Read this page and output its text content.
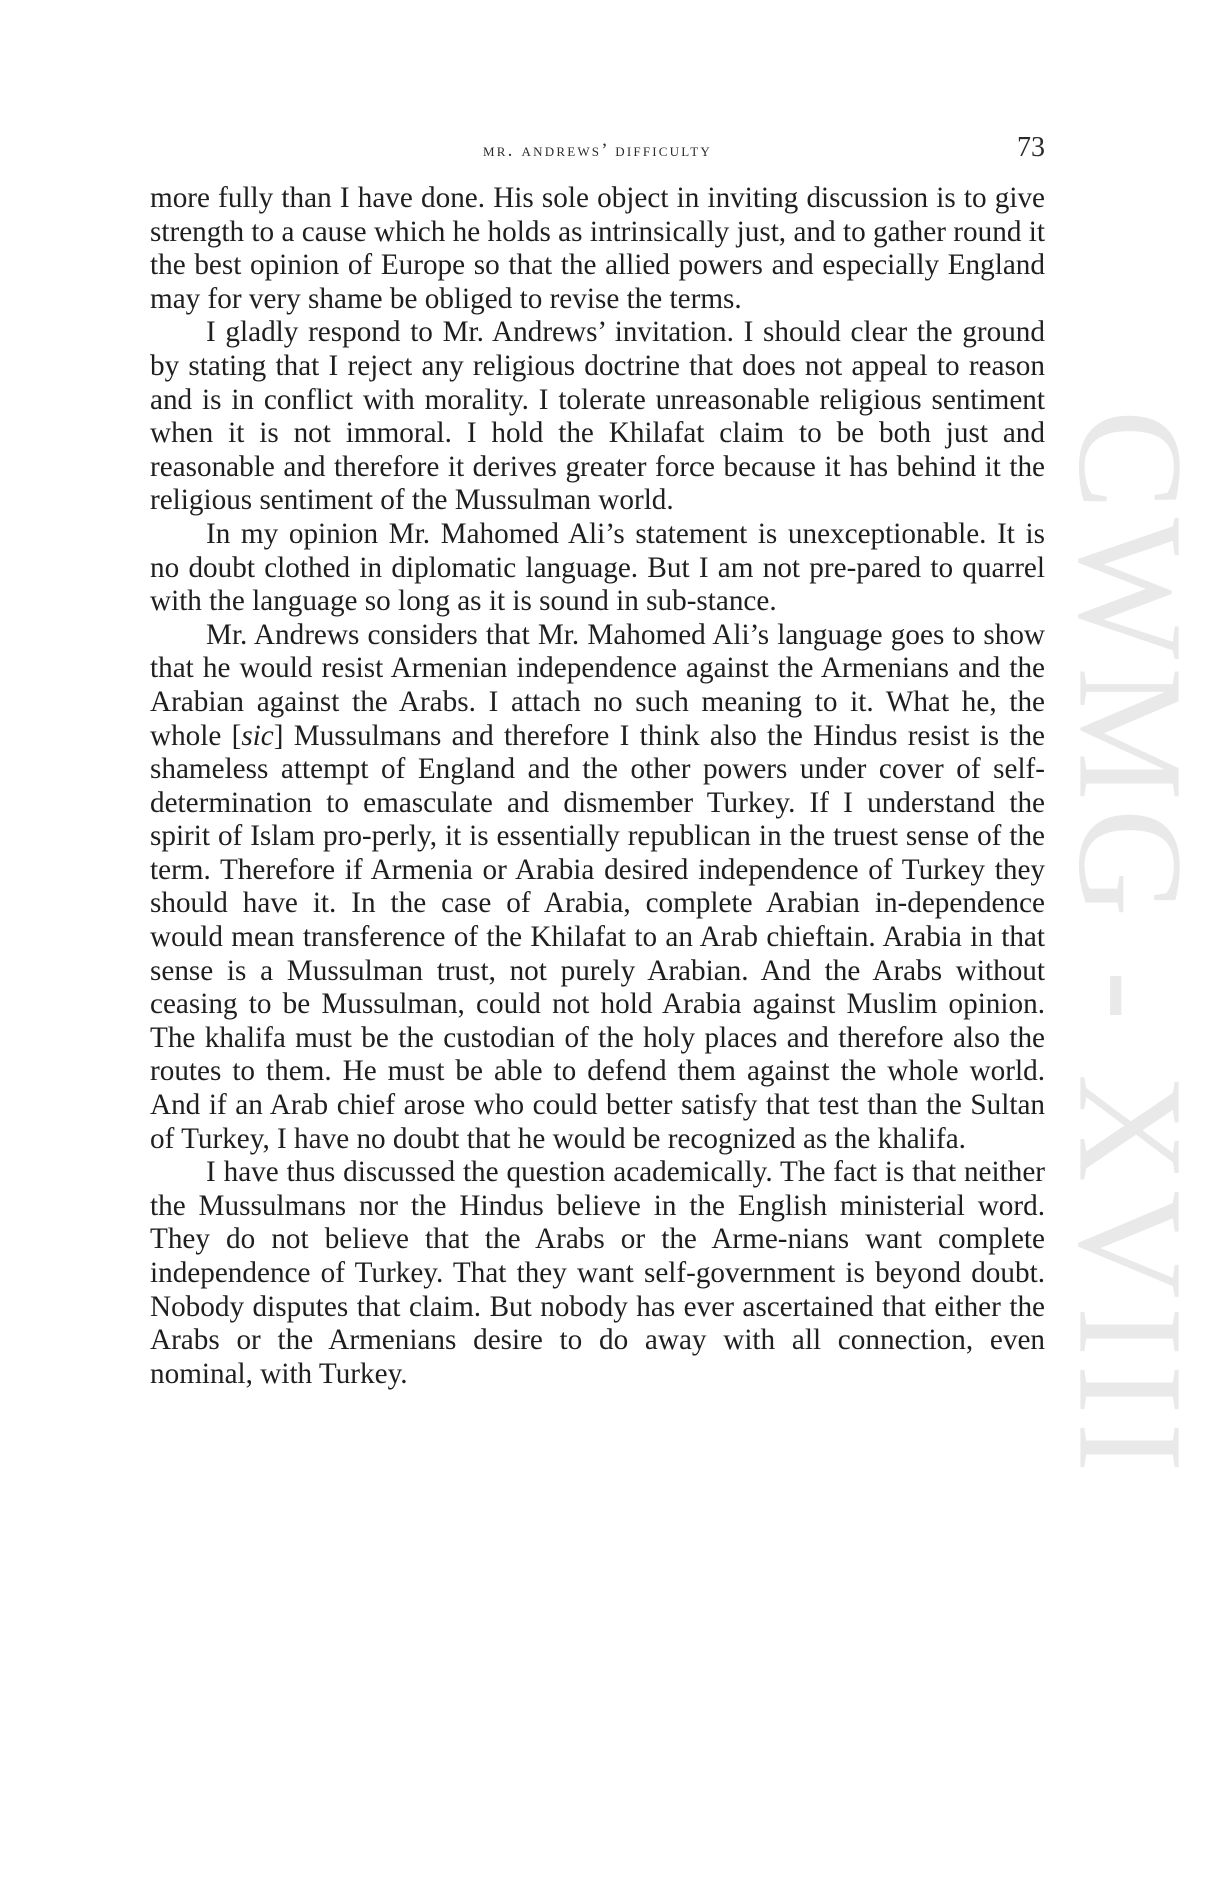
CWMG - XVIII
mr. andrews’ difficulty	73

more fully than I have done. His sole object in inviting discussion is to give strength to a cause which he holds as intrinsically just, and to gather round it the best opinion of Europe so that the allied powers and especially England may for very shame be obliged to revise the terms.

I gladly respond to Mr. Andrews’ invitation. I should clear the ground by stating that I reject any religious doctrine that does not appeal to reason and is in conflict with morality. I tolerate unreasonable religious sentiment when it is not immoral. I hold the Khilafat claim to be both just and reasonable and therefore it derives greater force because it has behind it the religious sentiment of the Mussulman world.

In my opinion Mr. Mahomed Ali’s statement is unexceptionable. It is no doubt clothed in diplomatic language. But I am not pre-pared to quarrel with the language so long as it is sound in sub-stance.

Mr. Andrews considers that Mr. Mahomed Ali’s language goes to show that he would resist Armenian independence against the Armenians and the Arabian against the Arabs. I attach no such meaning to it. What he, the whole [sic] Mussulmans and therefore I think also the Hindus resist is the shameless attempt of England and the other powers under cover of self-determination to emasculate and dismember Turkey. If I understand the spirit of Islam pro-perly, it is essentially republican in the truest sense of the term. Therefore if Armenia or Arabia desired independence of Turkey they should have it. In the case of Arabia, complete Arabian in-dependence would mean transference of the Khilafat to an Arab chieftain. Arabia in that sense is a Mussulman trust, not purely Arabian. And the Arabs without ceasing to be Mussulman, could not hold Arabia against Muslim opinion. The khalifa must be the custodian of the holy places and therefore also the routes to them. He must be able to defend them against the whole world. And if an Arab chief arose who could better satisfy that test than the Sultan of Turkey, I have no doubt that he would be recognized as the khalifa.

I have thus discussed the question academically. The fact is that neither the Mussulmans nor the Hindus believe in the English ministerial word. They do not believe that the Arabs or the Arme-nians want complete independence of Turkey. That they want self-government is beyond doubt. Nobody disputes that claim. But nobody has ever ascertained that either the Arabs or the Armenians desire to do away with all connection, even nominal, with Turkey.
